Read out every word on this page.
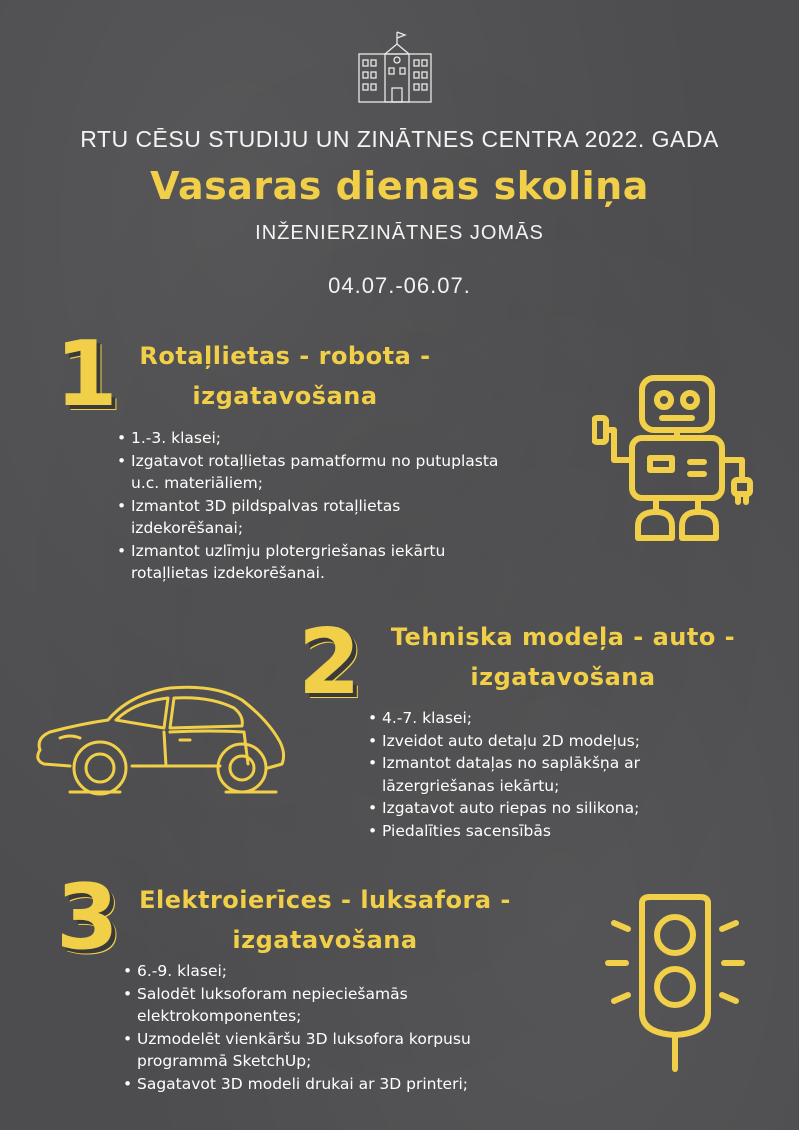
RTU CĒSU STUDIJU UN ZINĀTNES CENTRA 2022. GADA
Vasaras dienas skoliņa
INŽENIERZINĀTNES JOMĀS
04.07.-06.07.
1 Rotaļlietas - robota -
izgatavošana
• 1.-3. klasei;
• Izgatavot rotaļlietas pamatformu no putuplasta
u.c. materiāliem;
• Izmantot 3D pildspalvas rotaļlietas
izdekorēšanai;
• Izmantot uzlīmju plotergriešanas iekārtu
rotaļlietas izdekorēšanai.
2	Tehniska modeļa - auto -
izgatavošana
• 4.-7. klasei;
• Izveidot auto detaļu 2D modeļus;
• Izmantot dataļas no saplākšņa ar
lāzergriešanas iekārtu;
• Izgatavot auto riepas no silikona;
• Piedalīties sacensībās
3 Elektroierīces - luksafora -
izgatavošana
• 6.-9. klasei;
• Salodēt luksoforam nepieciešamās
elektrokomponentes;
• Uzmodelēt vienkāršu 3D luksofora korpusu
programmā SketchUp;
• Sagatavot 3D modeli drukai ar 3D printeri;
